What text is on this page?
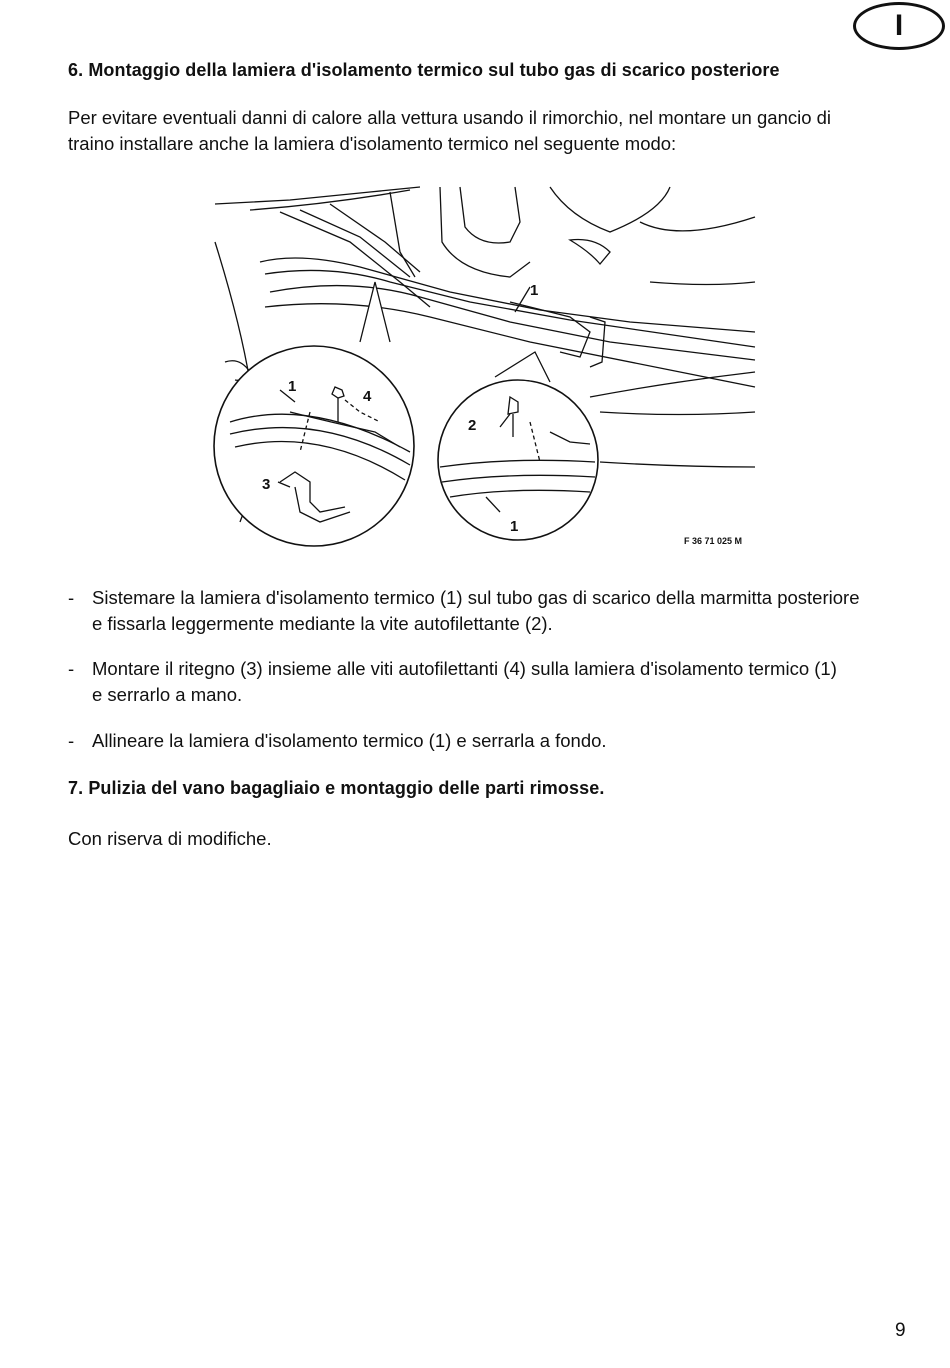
I
6. Montaggio della lamiera d'isolamento termico sul tubo gas di scarico posteriore
Per evitare eventuali danni di calore alla vettura usando il rimorchio, nel montare un gancio di
traino installare anche la lamiera d'isolamento termico nel seguente modo:
1
1
4
2
3
1
F 36 71 025 M
- Sistemare la lamiera d'isolamento termico (1) sul tubo gas di scarico della marmitta posteriore
e fissarla leggermente mediante la vite autofilettante (2).
- Montare il ritegno (3) insieme alle viti autofilettanti (4) sulla lamiera d'isolamento termico (1)
e serrarlo a mano.
- Allineare la lamiera d'isolamento termico (1) e serrarla a fondo.
7. Pulizia del vano bagagliaio e montaggio delle parti rimosse.
Con riserva di modifiche.
9
